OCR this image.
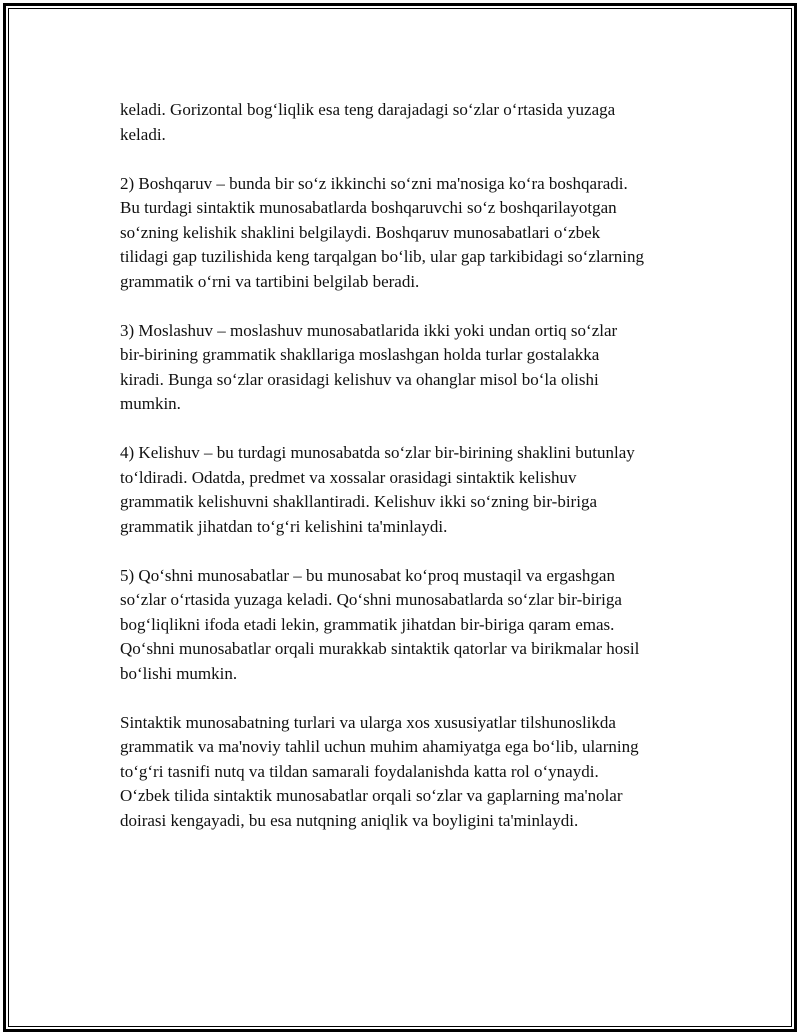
keladi. Gorizontal bog‘liqlik esa teng darajadagi so‘zlar o‘rtasida yuzaga
keladi.

2) Boshqaruv – bunda bir so‘z ikkinchi so‘zni ma'nosiga ko‘ra boshqaradi.
Bu turdagi sintaktik munosabatlarda boshqaruvchi so‘z boshqarilayotgan
so‘zning kelishik shaklini belgilaydi. Boshqaruv munosabatlari o‘zbek
tilidagi gap tuzilishida keng tarqalgan bo‘lib, ular gap tarkibidagi so‘zlarning
grammatik o‘rni va tartibini belgilab beradi.

3) Moslashuv – moslashuv munosabatlarida ikki yoki undan ortiq so‘zlar
bir-birining grammatik shakllariga moslashgan holda turlar gostalakka
kiradi. Bunga so‘zlar orasidagi kelishuv va ohanglar misol bo‘la olishi
mumkin.

4) Kelishuv – bu turdagi munosabatda so‘zlar bir-birining shaklini butunlay
to‘ldiradi. Odatda, predmet va xossalar orasidagi sintaktik kelishuv
grammatik kelishuvni shakllantiradi. Kelishuv ikki so‘zning bir-biriga
grammatik jihatdan to‘g‘ri kelishini ta'minlaydi.

5) Qo‘shni munosabatlar – bu munosabat ko‘proq mustaqil va ergashgan
so‘zlar o‘rtasida yuzaga keladi. Qo‘shni munosabatlarda so‘zlar bir-biriga
bog‘liqlikni ifoda etadi lekin, grammatik jihatdan bir-biriga qaram emas.
Qo‘shni munosabatlar orqali murakkab sintaktik qatorlar va birikmalar hosil
bo‘lishi mumkin.

Sintaktik munosabatning turlari va ularga xos xususiyatlar tilshunoslikda
grammatik va ma'noviy tahlil uchun muhim ahamiyatga ega bo‘lib, ularning
to‘g‘ri tasnifi nutq va tildan samarali foydalanishda katta rol o‘ynaydi.
O‘zbek tilida sintaktik munosabatlar orqali so‘zlar va gaplarning ma'nolar
doirasi kengayadi, bu esa nutqning aniqlik va boyligini ta'minlaydi.
